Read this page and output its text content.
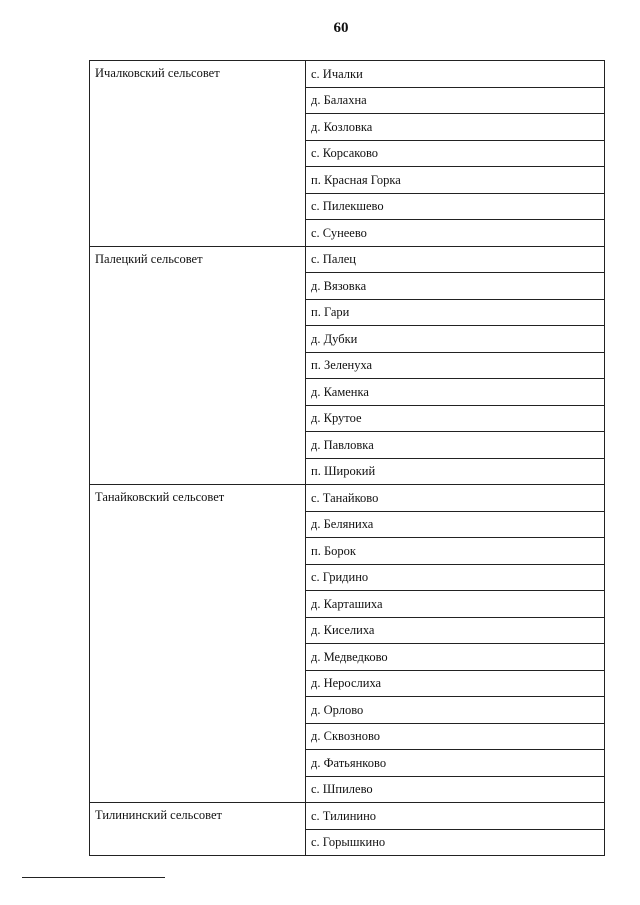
60
Ичалковский сельсовет	с. Ичалки
	д. Балахна
	д. Козловка
	с. Корсаково
	п. Красная Горка
	с. Пилекшево
	с. Сунеево
Палецкий сельсовет	с. Палец
	д. Вязовка
	п. Гари
	д. Дубки
	п. Зеленуха
	д. Каменка
	д. Крутое
	д. Павловка
	п. Широкий
Танайковский сельсовет	с. Танайково
	д. Беляниха
	п. Борок
	с. Гридино
	д. Карташиха
	д. Киселиха
	д. Медведково
	д. Нерослиха
	д. Орлово
	д. Сквозново
	д. Фатьянково
	с. Шпилево
Тилининский сельсовет	с. Тилинино
	с. Горышкино
